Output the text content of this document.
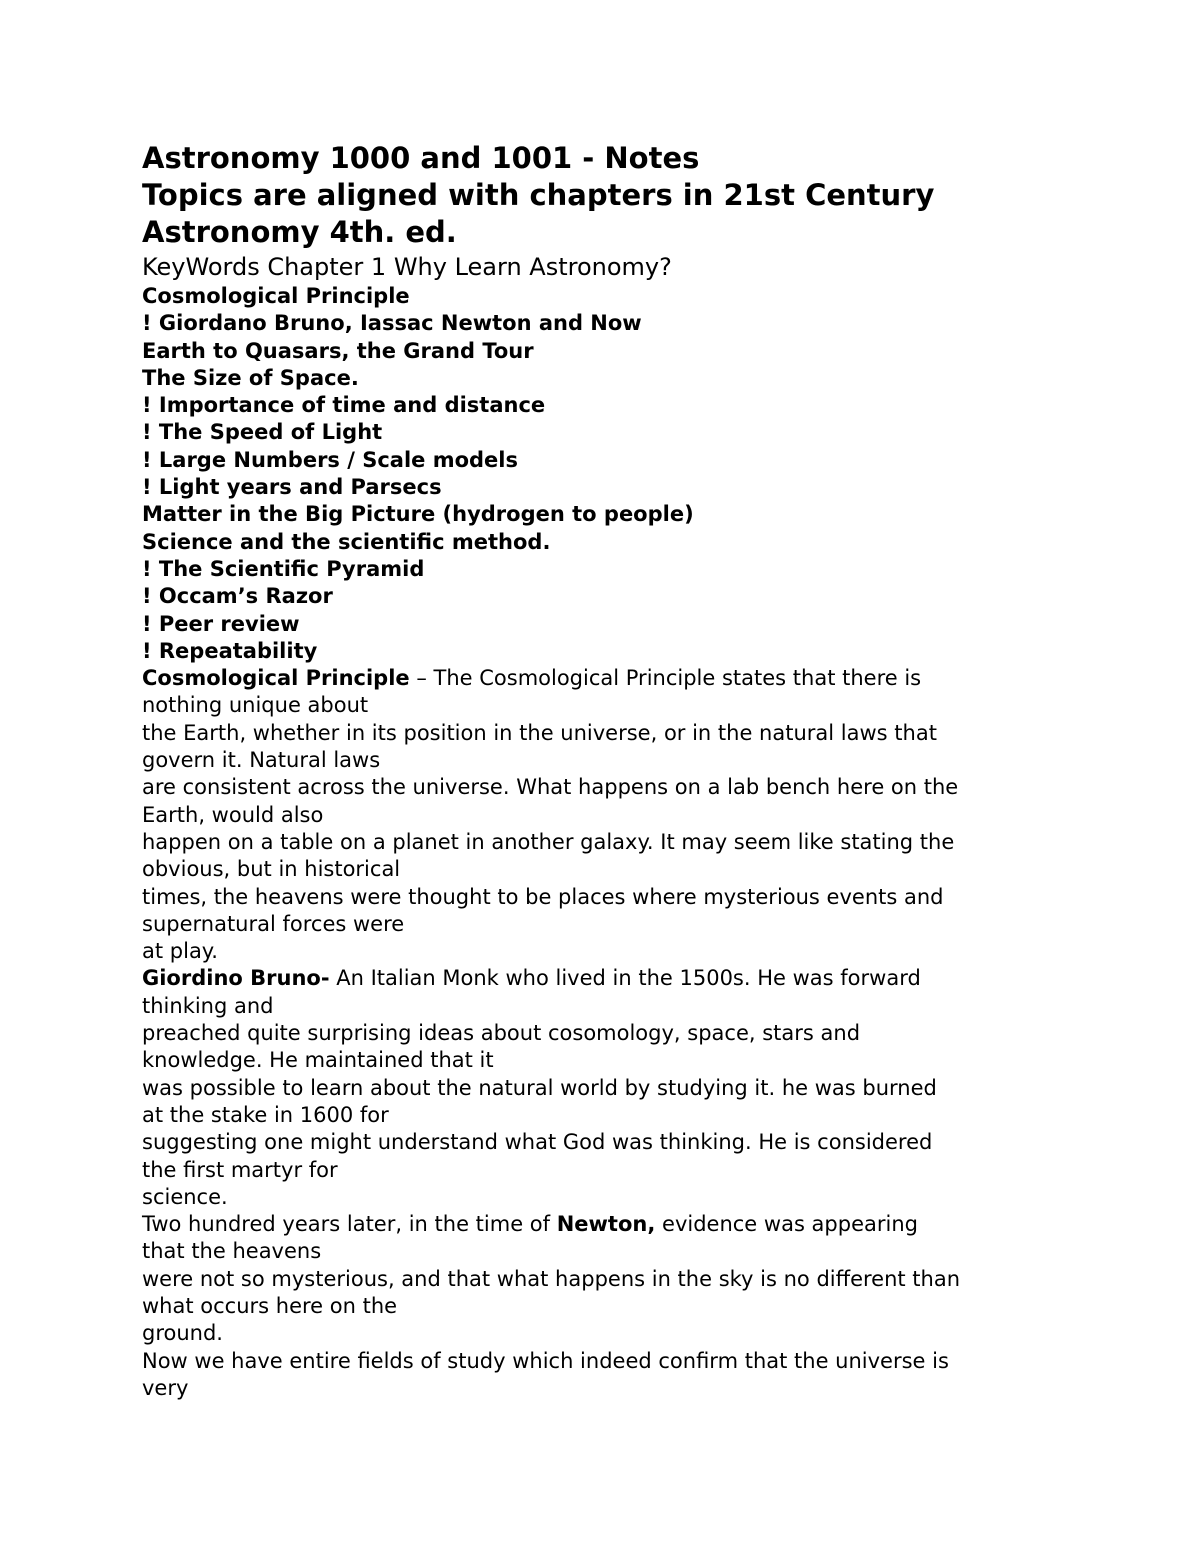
Astronomy 1000 and 1001 - Notes

Topics are aligned with chapters in 21st Century

Astronomy 4th. ed.

KeyWords Chapter 1 Why Learn Astronomy?

Cosmological Principle

! Giordano Bruno, Iassac Newton and Now

Earth to Quasars, the Grand Tour

The Size of Space.

! Importance of time and distance

! The Speed of Light

! Large Numbers / Scale models

! Light years and Parsecs

Matter in the Big Picture (hydrogen to people)

Science and the scientific method.

! The Scientific Pyramid

! Occam’s Razor

! Peer review

! Repeatability

Cosmological Principle – The Cosmological Principle states that there is

nothing unique about

the Earth, whether in its position in the universe, or in the natural laws that

govern it. Natural laws

are consistent across the universe. What happens on a lab bench here on the

Earth, would also

happen on a table on a planet in another galaxy. It may seem like stating the

obvious, but in historical

times, the heavens were thought to be places where mysterious events and

supernatural forces were

at play.

Giordino Bruno- An Italian Monk who lived in the 1500s. He was forward

thinking and

preached quite surprising ideas about cosomology, space, stars and

knowledge. He maintained that it

was possible to learn about the natural world by studying it. he was burned

at the stake in 1600 for

suggesting one might understand what God was thinking. He is considered

the first martyr for

science.

Two hundred years later, in the time of Newton, evidence was appearing

that the heavens

were not so mysterious, and that what happens in the sky is no different than

what occurs here on the

ground.

Now we have entire fields of study which indeed confirm that the universe is

very
